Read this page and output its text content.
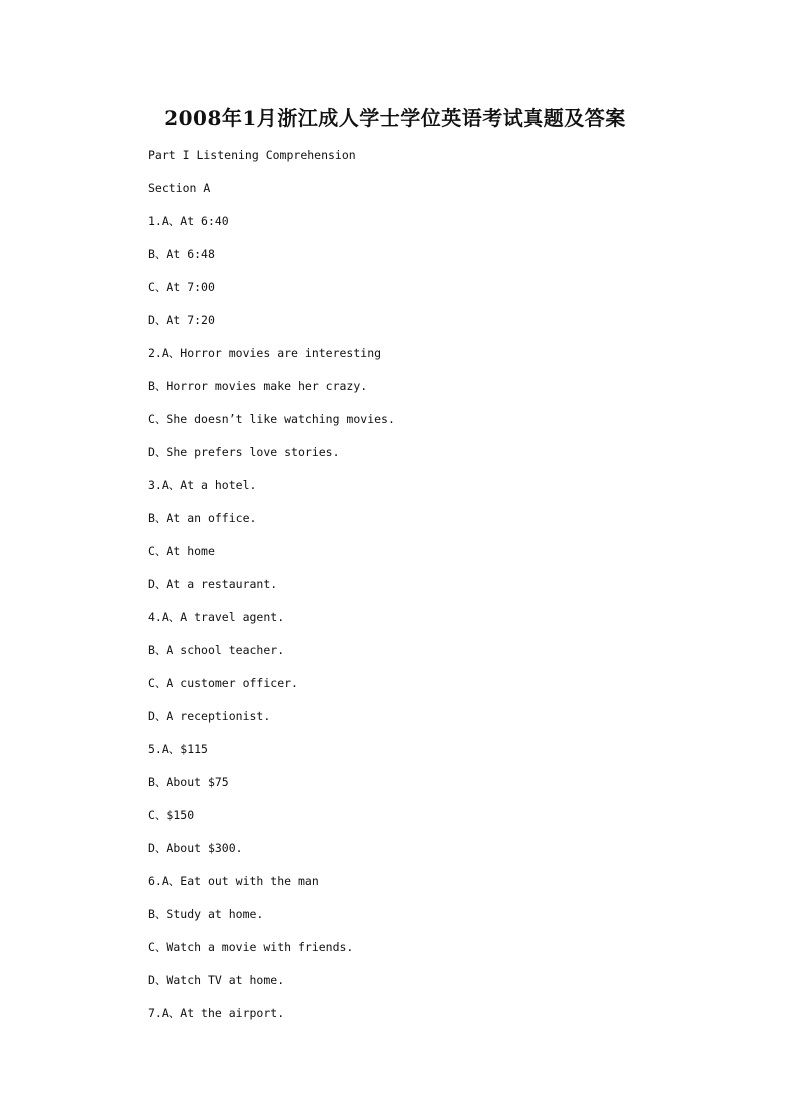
2008年1月浙江成人学士学位英语考试真题及答案
Part I Listening Comprehension
Section A
1.A、At 6:40
B、At 6:48
C、At 7:00
D、At 7:20
2.A、Horror movies are interesting
B、Horror movies make her crazy.
C、She doesn’t like watching movies.
D、She prefers love stories.
3.A、At a hotel.
B、At an office.
C、At home
D、At a restaurant.
4.A、A travel agent.
B、A school teacher.
C、A customer officer.
D、A receptionist.
5.A、$115
B、About $75
C、$150
D、About $300.
6.A、Eat out with the man
B、Study at home.
C、Watch a movie with friends.
D、Watch TV at home.
7.A、At the airport.
